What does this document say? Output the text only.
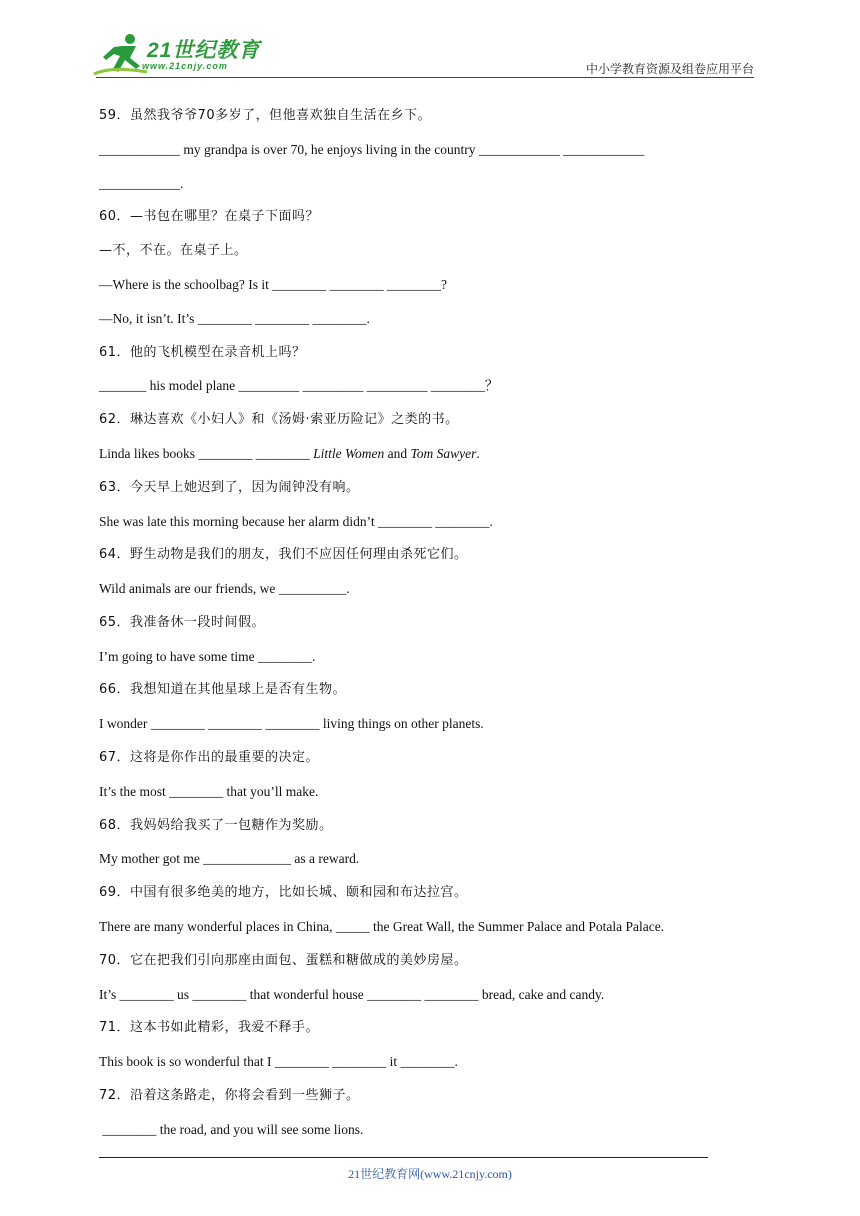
21世纪教育
www.21cnjy.com	中小学教育资源及组卷应用平台
59．虽然我爷爷70多岁了，但他喜欢独自生活在乡下。
____________ my grandpa is over 70, he enjoys living in the country ____________ ____________
____________.
60．—书包在哪里？在桌子下面吗？
—不，不在。在桌子上。
—Where is the schoolbag? Is it ________ ________ ________?
—No, it isn’t. It’s ________ ________ ________.
61．他的飞机模型在录音机上吗？
_______ his model plane _________ _________ _________ ________？
62．琳达喜欢《小妇人》和《汤姆·索亚历险记》之类的书。
Linda likes books ________ ________ Little Women and Tom Sawyer.
63．今天早上她迟到了，因为闹钟没有响。
She was late this morning because her alarm didn’t ________ ________.
64．野生动物是我们的朋友，我们不应因任何理由杀死它们。
Wild animals are our friends, we __________.
65．我准备休一段时间假。
I’m going to have some time ________.
66．我想知道在其他星球上是否有生物。
I wonder ________ ________ ________ living things on other planets.
67．这将是你作出的最重要的决定。
It’s the most ________ that you’ll make.
68．我妈妈给我买了一包糖作为奖励。
My mother got me _____________ as a reward.
69．中国有很多绝美的地方，比如长城、颐和园和布达拉宫。
There are many wonderful places in China, _____ the Great Wall, the Summer Palace and Potala Palace.
70．它在把我们引向那座由面包、蛋糕和糖做成的美妙房屋。
It’s ________ us ________ that wonderful house ________ ________ bread, cake and candy.
71．这本书如此精彩，我爱不释手。
This book is so wonderful that I ________ ________ it ________.
72．沿着这条路走，你将会看到一些狮子。
________ the road, and you will see some lions.
21世纪教育网(www.21cnjy.com)
